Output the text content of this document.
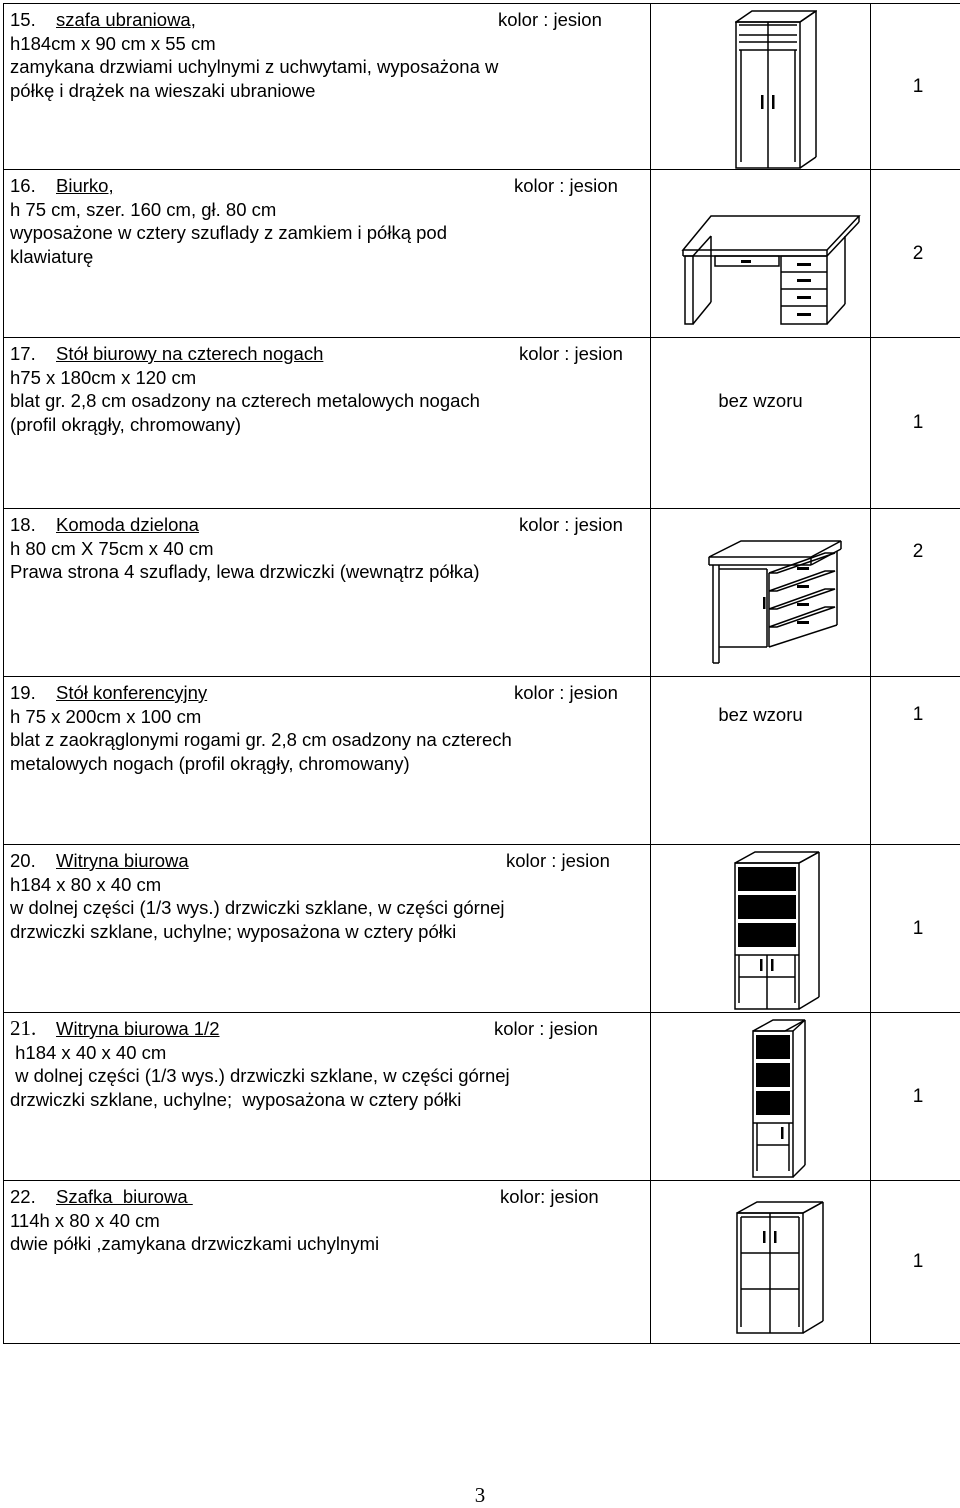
15. szafa ubraniowa, kolor : jesion
h184cm x 90 cm x 55 cm
zamykana drzwiami uchylnymi z uchwytami, wyposażona w
półkę i drążek na wieszaki ubraniowe		1

16. Biurko, kolor : jesion
h 75 cm, szer. 160 cm, gł. 80 cm
wyposażone w cztery szuflady z zamkiem i półką pod
klawiaturę		2

17. Stół biurowy na czterech nogach kolor : jesion
h75 x 180cm x 120 cm
blat gr. 2,8 cm osadzony na czterech metalowych nogach
(profil okrągły, chromowany)	bez wzoru	1

18. Komoda dzielona kolor : jesion
h 80 cm X 75cm x 40 cm
Prawa strona 4 szuflady, lewa drzwiczki (wewnątrz półka)		2

19. Stół konferencyjny kolor : jesion
h 75 x 200cm x 100 cm
blat z zaokrąglonymi rogami gr. 2,8 cm osadzony na czterech
metalowych nogach (profil okrągły, chromowany)	bez wzoru	1

20. Witryna biurowa kolor : jesion
h184 x 80 x 40 cm
w dolnej części (1/3 wys.) drzwiczki szklane, w części górnej
drzwiczki szklane, uchylne; wyposażona w cztery półki		1

21. Witryna biurowa 1/2 kolor : jesion
h184 x 40 x 40 cm
w dolnej części (1/3 wys.) drzwiczki szklane, w części górnej
drzwiczki szklane, uchylne;  wyposażona w cztery półki		1

22. Szafka  biurowa kolor: jesion
114h x 80 x 40 cm
dwie półki ,zamykana drzwiczkami uchylnymi		1
3
